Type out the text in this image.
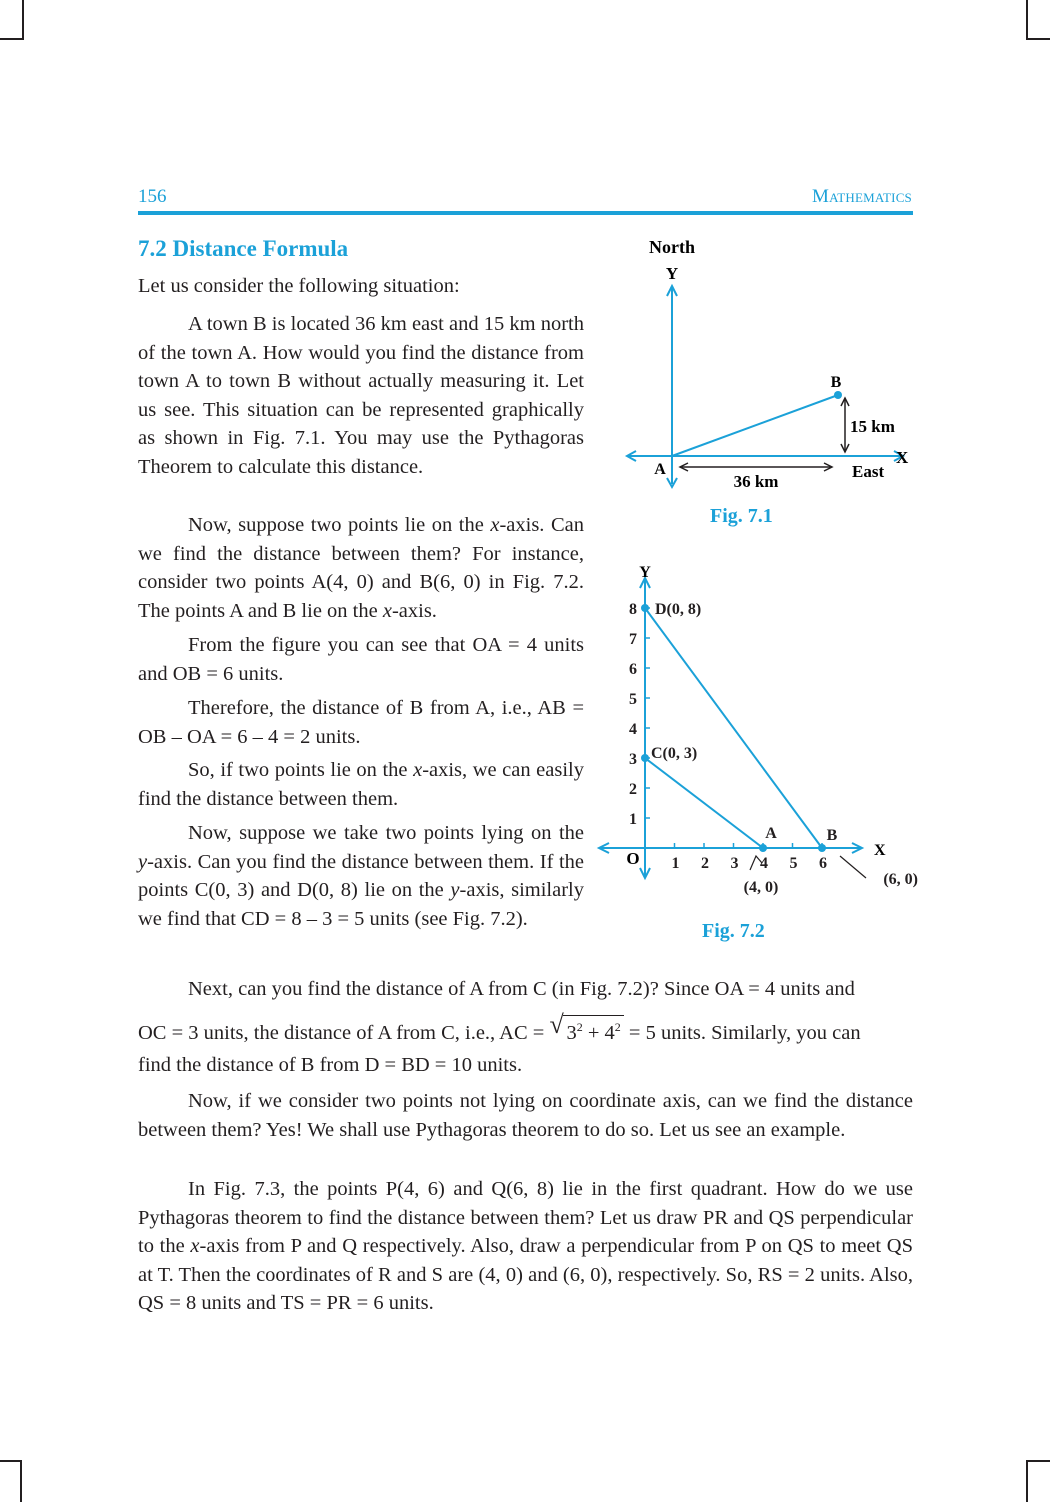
156	Mathematics
7.2 Distance Formula

Let us consider the following situation:

A town B is located 36 km east and 15 km north of the town A. How would you find the distance from town A to town B without actually measuring it. Let us see. This situation can be represented graphically as shown in Fig. 7.1. You may use the Pythagoras Theorem to calculate this distance.

Now, suppose two points lie on the x-axis. Can we find the distance between them? For instance, consider two points A(4, 0) and B(6, 0) in Fig. 7.2. The points A and B lie on the x-axis.

From the figure you can see that OA = 4 units and OB = 6 units.

Therefore, the distance of B from A, i.e., AB = OB – OA = 6 – 4 = 2 units.

So, if two points lie on the x-axis, we can easily find the distance between them.

Now, suppose we take two points lying on the y-axis. Can you find the distance between them. If the points C(0, 3) and D(0, 8) lie on the y-axis, similarly we find that CD = 8 – 3 = 5 units (see Fig. 7.2).

Next, can you find the distance of A from C (in Fig. 7.2)? Since OA = 4 units and

OC = 3 units, the distance of A from C, i.e., AC = √ $3^2 + 4^2 = 5$ units. Similarly, you can

find the distance of B from D = BD = 10 units.

Now, if we consider two points not lying on coordinate axis, can we find the distance between them? Yes! We shall use Pythagoras theorem to do so. Let us see an example.

In Fig. 7.3, the points P(4, 6) and Q(6, 8) lie in the first quadrant. How do we use Pythagoras theorem to find the distance between them? Let us draw PR and QS perpendicular to the x-axis from P and Q respectively. Also, draw a perpendicular from P on QS to meet QS at T. Then the coordinates of R and S are (4, 0) and (6, 0), respectively. So, RS = 2 units. Also, QS = 8 units and TS = PR = 6 units.

North
Y
B
A
15 km
36 km
East
X
Fig. 7.1
1 2 3 4 5 6
1
2
3
4
5
6
7
8 D(0, 8)
C(0, 3)
A	B
(4, 0)	(6, 0)
Y
X
O
Fig. 7.2
